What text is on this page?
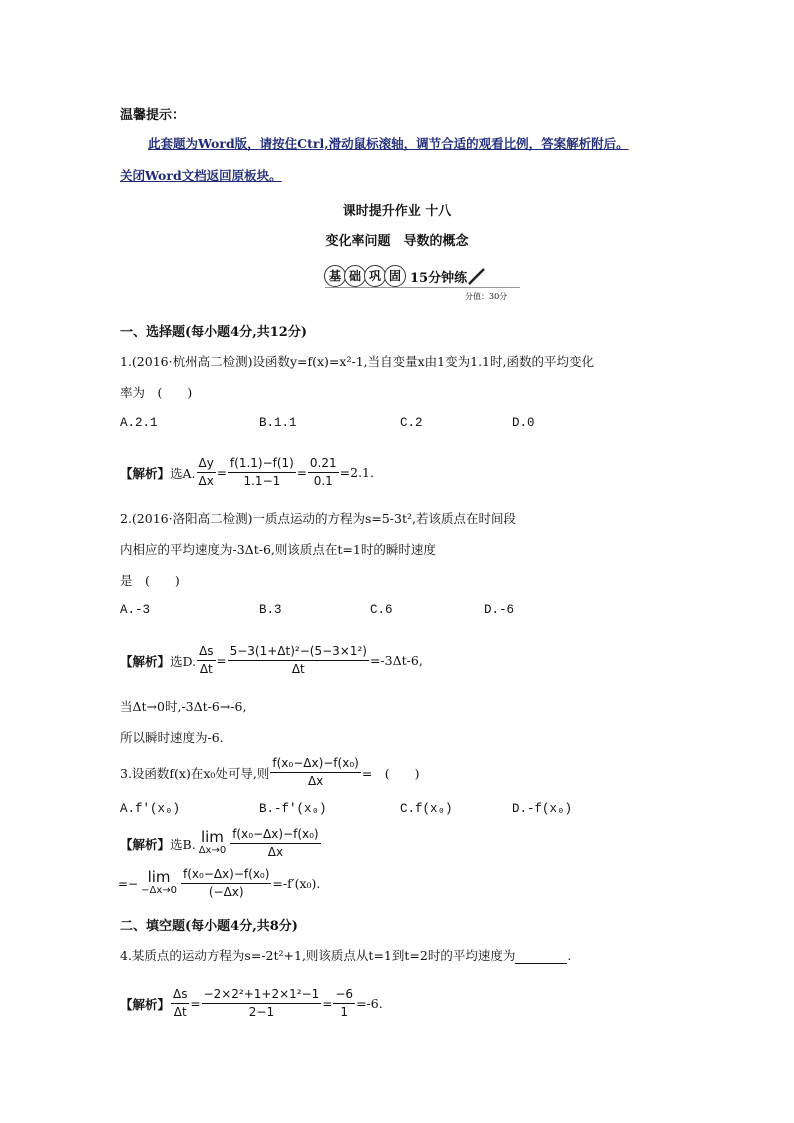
温馨提示：
此套题为Word版，请按住Ctrl,滑动鼠标滚轴，调节合适的观看比例，答案解析附后。
关闭Word文档返回原板块。
课时提升作业 十八
变化率问题　导数的概念
基 础 巩 固 15分钟练
分值：30分
一、选择题(每小题4分,共12分)
1.(2016·杭州高二检测)设函数y=f(x)=x²-1,当自变量x由1变为1.1时,函数的平均变化
率为　(　　)
A.2.1	B.1.1	C.2	D.0
【解析】 选A. $\frac{\Delta y}{\Delta x} = \frac{f(1.1)-f(1)}{1.1-1} = \frac{0.21}{0.1} =2.1$.
2.(2016·洛阳高二检测)一质点运动的方程为s=5-3t²,若该质点在时间段
内相应的平均速度为-3Δt-6,则该质点在t=1时的瞬时速度
是　(　　)
A.-3	B.3	C.6	D.-6
【解析】 选D. $\frac{\Delta s}{\Delta t} = \frac{\text{5−3(1+Δt)²−(5−3×1²)}}{\Delta t} =-3\Delta t-6$,
当Δt→0时,-3Δt-6→-6,
所以瞬时速度为-6.
3.设函数f(x)在x₀处可导,则 $\frac{\text{f(x₀−Δx)−f(x₀)}}{\Delta x}$ =　(　　)
A.f′(x₀)	B.-f′(x₀)	C.f(x₀)	D.-f(x₀)
【解析】 选B. lim
$\Delta x\to 0 \frac{\text{f(x₀−Δx)−f(x₀)}}{\Delta x}$
=− lim
$-\Delta x\to 0 \frac{\text{f(x₀−Δx)−f(x₀)}}{(-\Delta x)} =-f'(x_0)$.
二、填空题(每小题4分,共8分)
4.某质点的运动方程为s=-2t²+1,则该质点从t=1到t=2时的平均速度为	.
【解析】 $\frac{\Delta s}{\Delta t} = \frac{\text{−2×2²+1+2×1²−1}}{2-1} = \frac{-6}{1} =-6$.
